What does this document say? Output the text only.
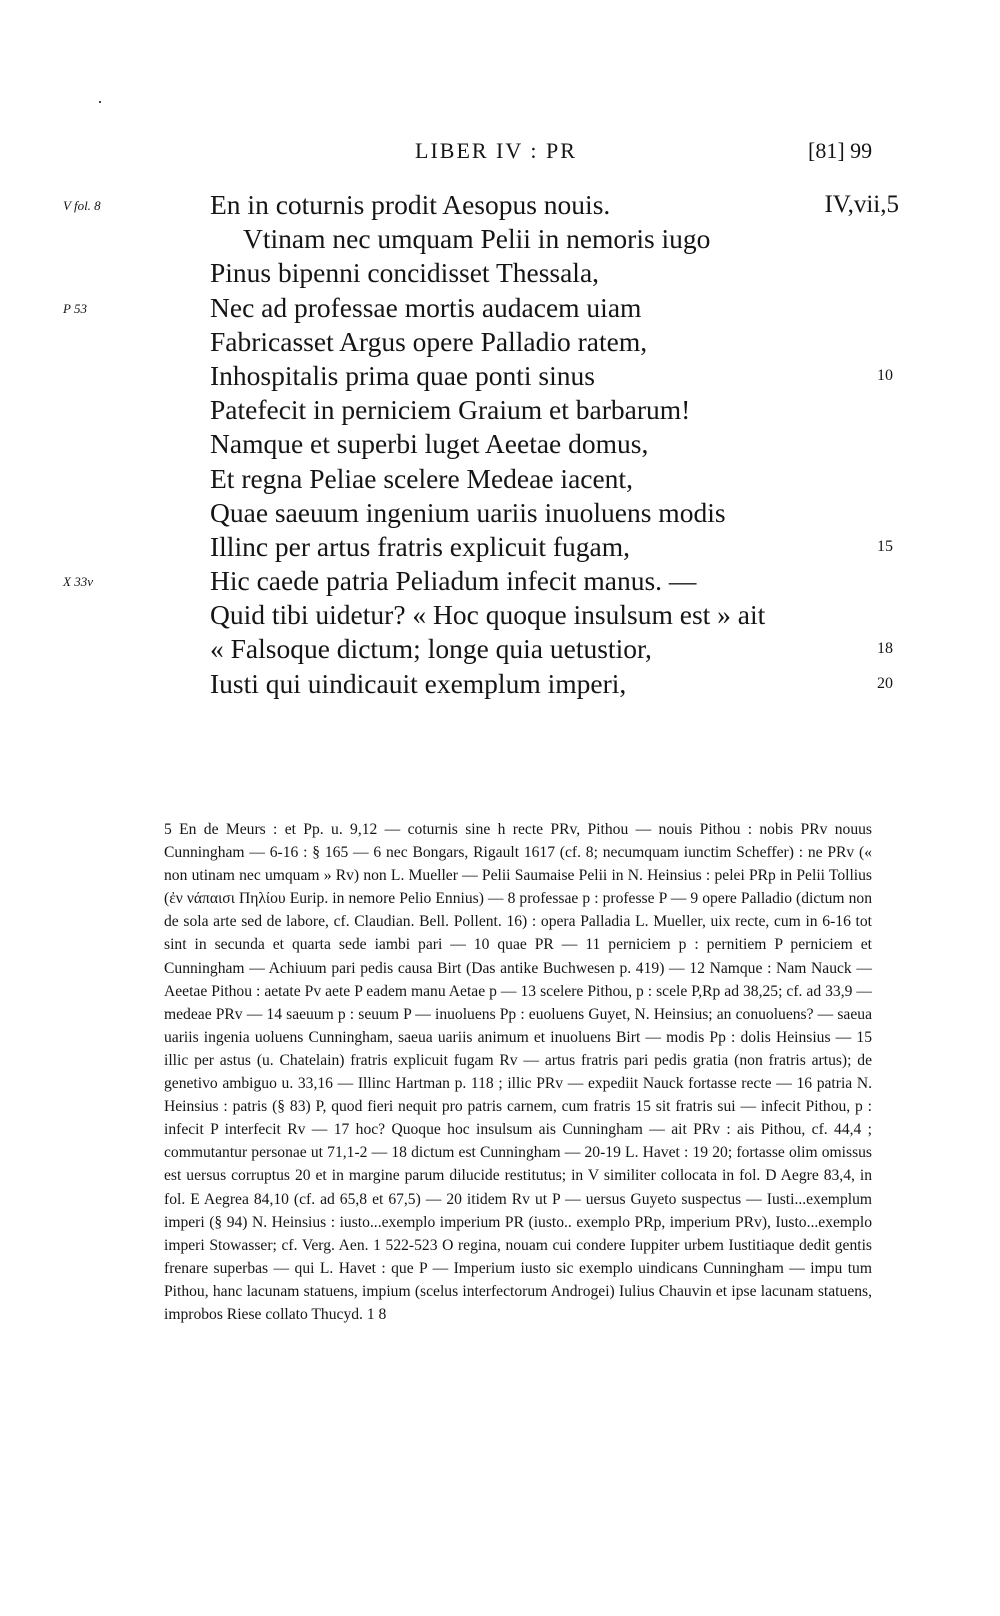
LIBER IV : PR	[81] 99
V fol. 8	En in coturnis prodit Aesopus nouis.	IV,vii,5
Vtinam nec umquam Pelii in nemoris iugo
Pinus bipenni concidisset Thessala,
P 53	Nec ad professae mortis audacem uiam
Fabricasset Argus opere Palladio ratem,
Inhospitalis prima quae ponti sinus	10
Patefecit in perniciem Graium et barbarum!
Namque et superbi luget Aeetae domus,
Et regna Peliae scelere Medeae iacent,
Quae saeuum ingenium uariis inuoluens modis
Illinc per artus fratris explicuit fugam,	15
X 33v	Hic caede patria Peliadum infecit manus. —
Quid tibi uidetur? « Hoc quoque insulsum est » ait
« Falsoque dictum; longe quia uetustior,	18
Iusti qui uindicauit exemplum imperi,	20
5 En de Meurs : et Pp. u. 9,12 — coturnis sine h recte PRv, Pithou — nouis Pithou : nobis PRv nouus Cunningham — 6-16 : § 165 — 6 nec Bongars, Rigault 1617 (cf. 8; necumquam iunctim Scheffer) : ne PRv (« non utinam nec umquam » Rv) non L. Mueller — Pelii Saumaise Pelii in N. Heinsius : pelei PRp in Pelii Tollius (ἐν νάπαισι Πηλίου Eurip. in nemore Pelio Ennius) — 8 professae p : professe P — 9 opere Palladio (dictum non de sola arte sed de labore, cf. Claudian. Bell. Pollent. 16) : opera Palladia L. Mueller, uix recte, cum in 6-16 tot sint in secunda et quarta sede iambi pari — 10 quae PR — 11 perniciem p : pernitiem P perniciem et Cunningham — Achiuum pari pedis causa Birt (Das antike Buchwesen p. 419) — 12 Namque : Nam Nauck — Aeetae Pithou : aetate Pv aete P eadem manu Aetae p — 13 scelere Pithou, p : scele P,Rp ad 38,25; cf. ad 33,9 — medeae PRv — 14 saeuum p : seuum P — inuoluens Pp : euoluens Guyet, N. Heinsius; an conuoluens? — saeua uariis ingenia uoluens Cunningham, saeua uariis animum et inuoluens Birt — modis Pp : dolis Heinsius — 15 illic per astus (u. Chatelain) fratris explicuit fugam Rv — artus fratris pari pedis gratia (non fratris artus); de genetivo ambiguo u. 33,16 — Illinc Hartman p. 118 ; illic PRv — expediit Nauck fortasse recte — 16 patria N. Heinsius : patris (§ 83) P, quod fieri nequit pro patris carnem, cum fratris 15 sit fratris sui — infecit Pithou, p : infecit P interfecit Rv — 17 hoc? Quoque hoc insulsum ais Cunningham — ait PRv : ais Pithou, cf. 44,4 ; commutantur personae ut 71,1-2 — 18 dictum est Cunningham — 20-19 L. Havet : 19 20; fortasse olim omissus est uersus corruptus 20 et in margine parum dilucide restitutus; in V similiter collocata in fol. D Aegre 83,4, in fol. E Aegrea 84,10 (cf. ad 65,8 et 67,5) — 20 itidem Rv ut P — uersus Guyeto suspectus — Iusti...exemplum imperi (§ 94) N. Heinsius : iusto...exemplo imperium PR (iusto.. exemplo PRp, imperium PRv), Iusto...exemplo imperi Stowasser; cf. Verg. Aen. 1 522-523 O regina, nouam cui condere Iuppiter urbem Iustitiaque dedit gentis frenare superbas — qui L. Havet : que P — Imperium iusto sic exemplo uindicans Cunningham — impu tum Pithou, hanc lacunam statuens, impium (scelus interfectorum Androgei) Iulius Chauvin et ipse lacunam statuens, improbos Riese collato Thucyd. 1 8
